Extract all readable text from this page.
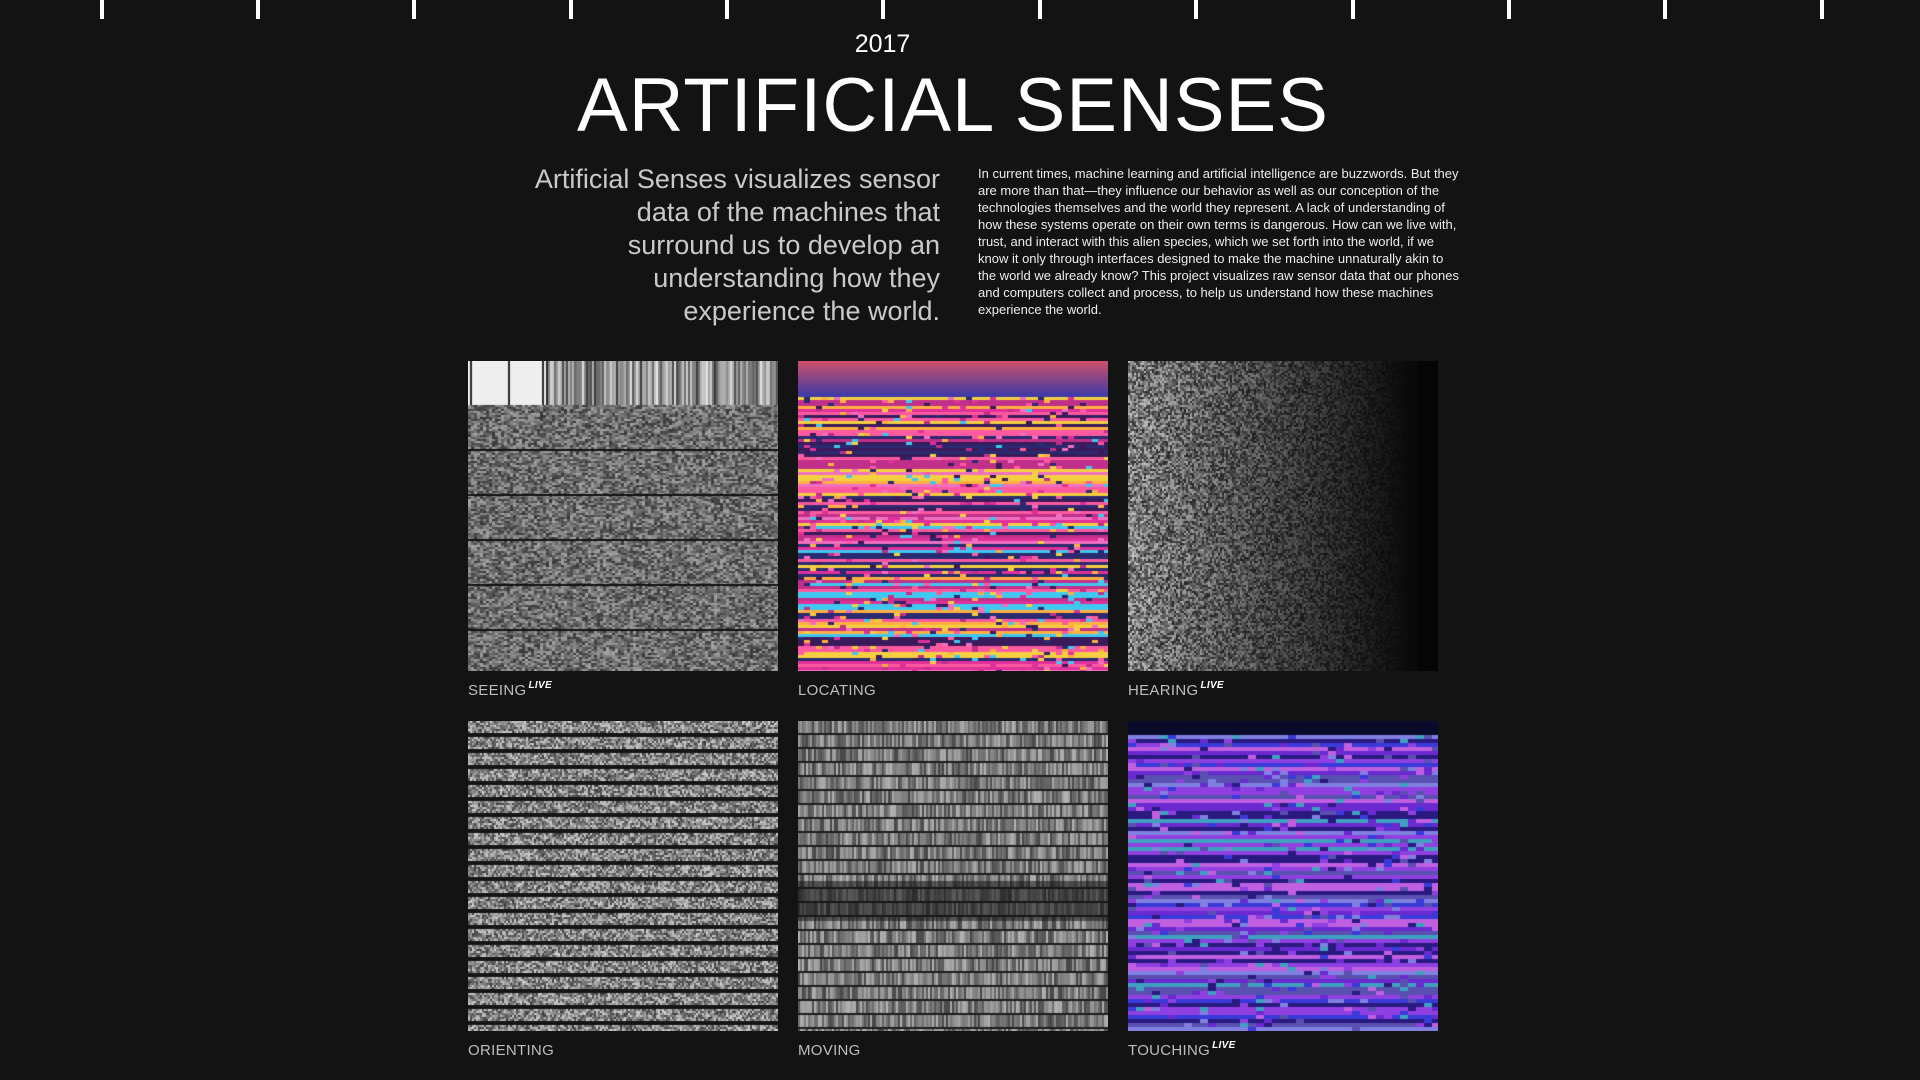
2017
ARTIFICIAL SENSES
Artificial Senses visualizes sensor data of the machines that surround us to develop an understanding how they experience the world.
In current times, machine learning and artificial intelligence are buzzwords. But they are more than that—they influence our behavior as well as our conception of the technologies themselves and the world they represent. A lack of understanding of how these systems operate on their own terms is dangerous. How can we live with, trust, and interact with this alien species, which we set forth into the world, if we know it only through interfaces designed to make the machine unnaturally akin to the world we already know? This project visualizes raw sensor data that our phones and computers collect and process, to help us understand how these machines experience the world.
SEEING $^{LIVE}$	LOCATING	HEARING $^{LIVE}$
ORIENTING	MOVING	TOUCHING $^{LIVE}$
